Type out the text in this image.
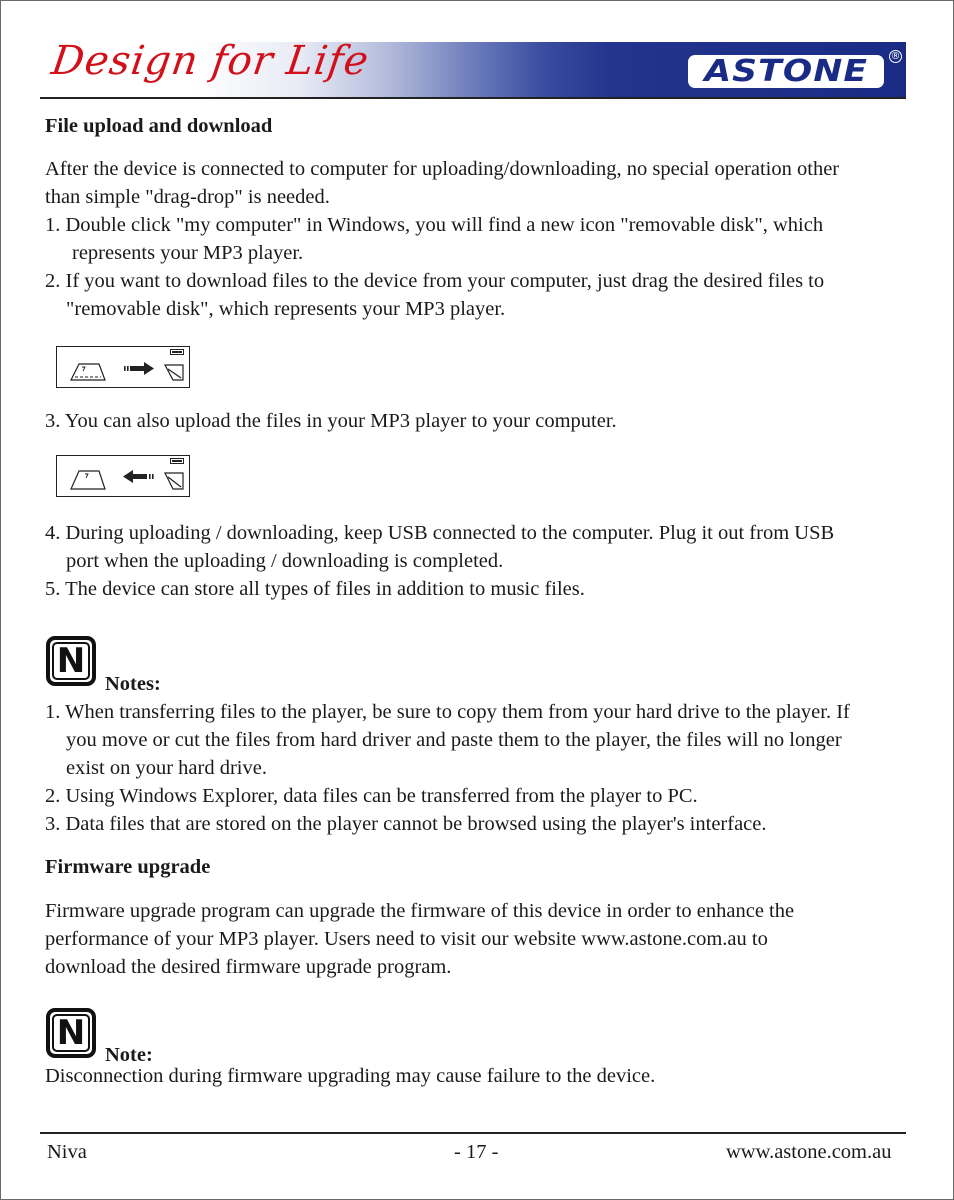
Design for Life	ASTONE ®

File upload and download

After the device is connected to computer for uploading/downloading, no special operation other

than simple "drag-drop" is needed.

1. Double click "my computer" in Windows, you will find a new icon "removable disk", which

represents your MP3 player.

2. If you want to download files to the device from your computer, just drag the desired files to

"removable disk", which represents your MP3 player.

3. You can also upload the files in your MP3 player to your computer.

4. During uploading / downloading, keep USB connected to the computer. Plug it out from USB

port when the uploading / downloading is completed.

5. The device can store all types of files in addition to music files.

N

Notes:

1. When transferring files to the player, be sure to copy them from your hard drive to the player. If

you move or cut the files from hard driver and paste them to the player, the files will no longer

exist on your hard drive.

2. Using Windows Explorer, data files can be transferred from the player to PC.

3. Data files that are stored on the player cannot be browsed using the player's interface.

Firmware upgrade

Firmware upgrade program can upgrade the firmware of this device in order to enhance the

performance of your MP3 player. Users need to visit our website www.astone.com.au to

download the desired firmware upgrade program.

N

Note:

Disconnection during firmware upgrading may cause failure to the device.

Niva	- 17 -	www.astone.com.au
